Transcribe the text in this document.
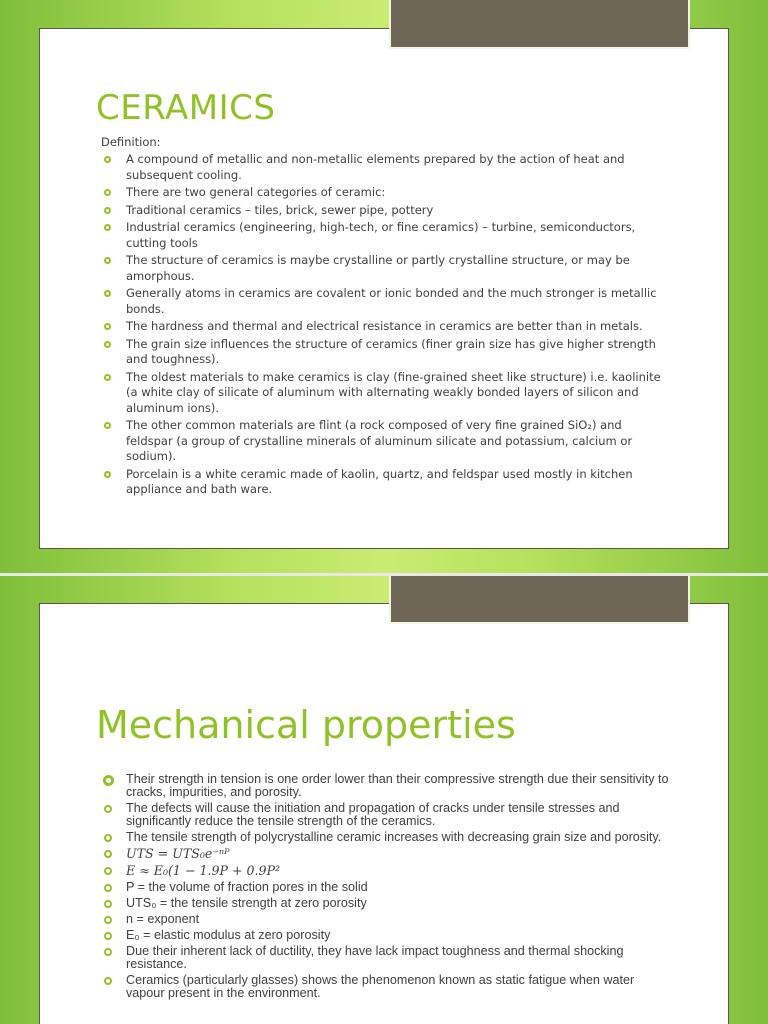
CERAMICS
Definition:
A compound of metallic and non-metallic elements prepared by the action of heat and subsequent cooling.
There are two general categories of ceramic:
Traditional ceramics – tiles, brick, sewer pipe, pottery
Industrial ceramics (engineering, high-tech, or fine ceramics) – turbine, semiconductors, cutting tools
The structure of ceramics is maybe crystalline or partly crystalline structure, or may be amorphous.
Generally atoms in ceramics are covalent or ionic bonded and the much stronger is metallic bonds.
The hardness and thermal and electrical resistance in ceramics are better than in metals.
The grain size influences the structure of ceramics (finer grain size has give higher strength and toughness).
The oldest materials to make ceramics is clay (fine-grained sheet like structure) i.e. kaolinite (a white clay of silicate of aluminum with alternating weakly bonded layers of silicon and aluminum ions).
The other common materials are flint (a rock composed of very fine grained SiO₂) and feldspar (a group of crystalline minerals of aluminum silicate and potassium, calcium or sodium).
Porcelain is a white ceramic made of kaolin, quartz, and feldspar used mostly in kitchen appliance and bath ware.
Their strength in tension is one order lower than their compressive strength due their sensitivity to cracks, impurities, and porosity.
The defects will cause the initiation and propagation of cracks under tensile stresses and significantly reduce the tensile strength of the ceramics.
The tensile strength of polycrystalline ceramic increases with decreasing grain size and porosity.
UTS = UTS₀e⁻ⁿᴾ
E ≈ E₀(1 − 1.9P + 0.9P²
P = the volume of fraction pores in the solid
UTS₀ = the tensile strength at zero porosity
n = exponent
E₀ = elastic modulus at zero porosity
Due their inherent lack of ductility, they have lack impact toughness and thermal shocking resistance.
Ceramics (particularly glasses) shows the phenomenon known as static fatigue when water vapour present in the environment.
Mechanical properties
